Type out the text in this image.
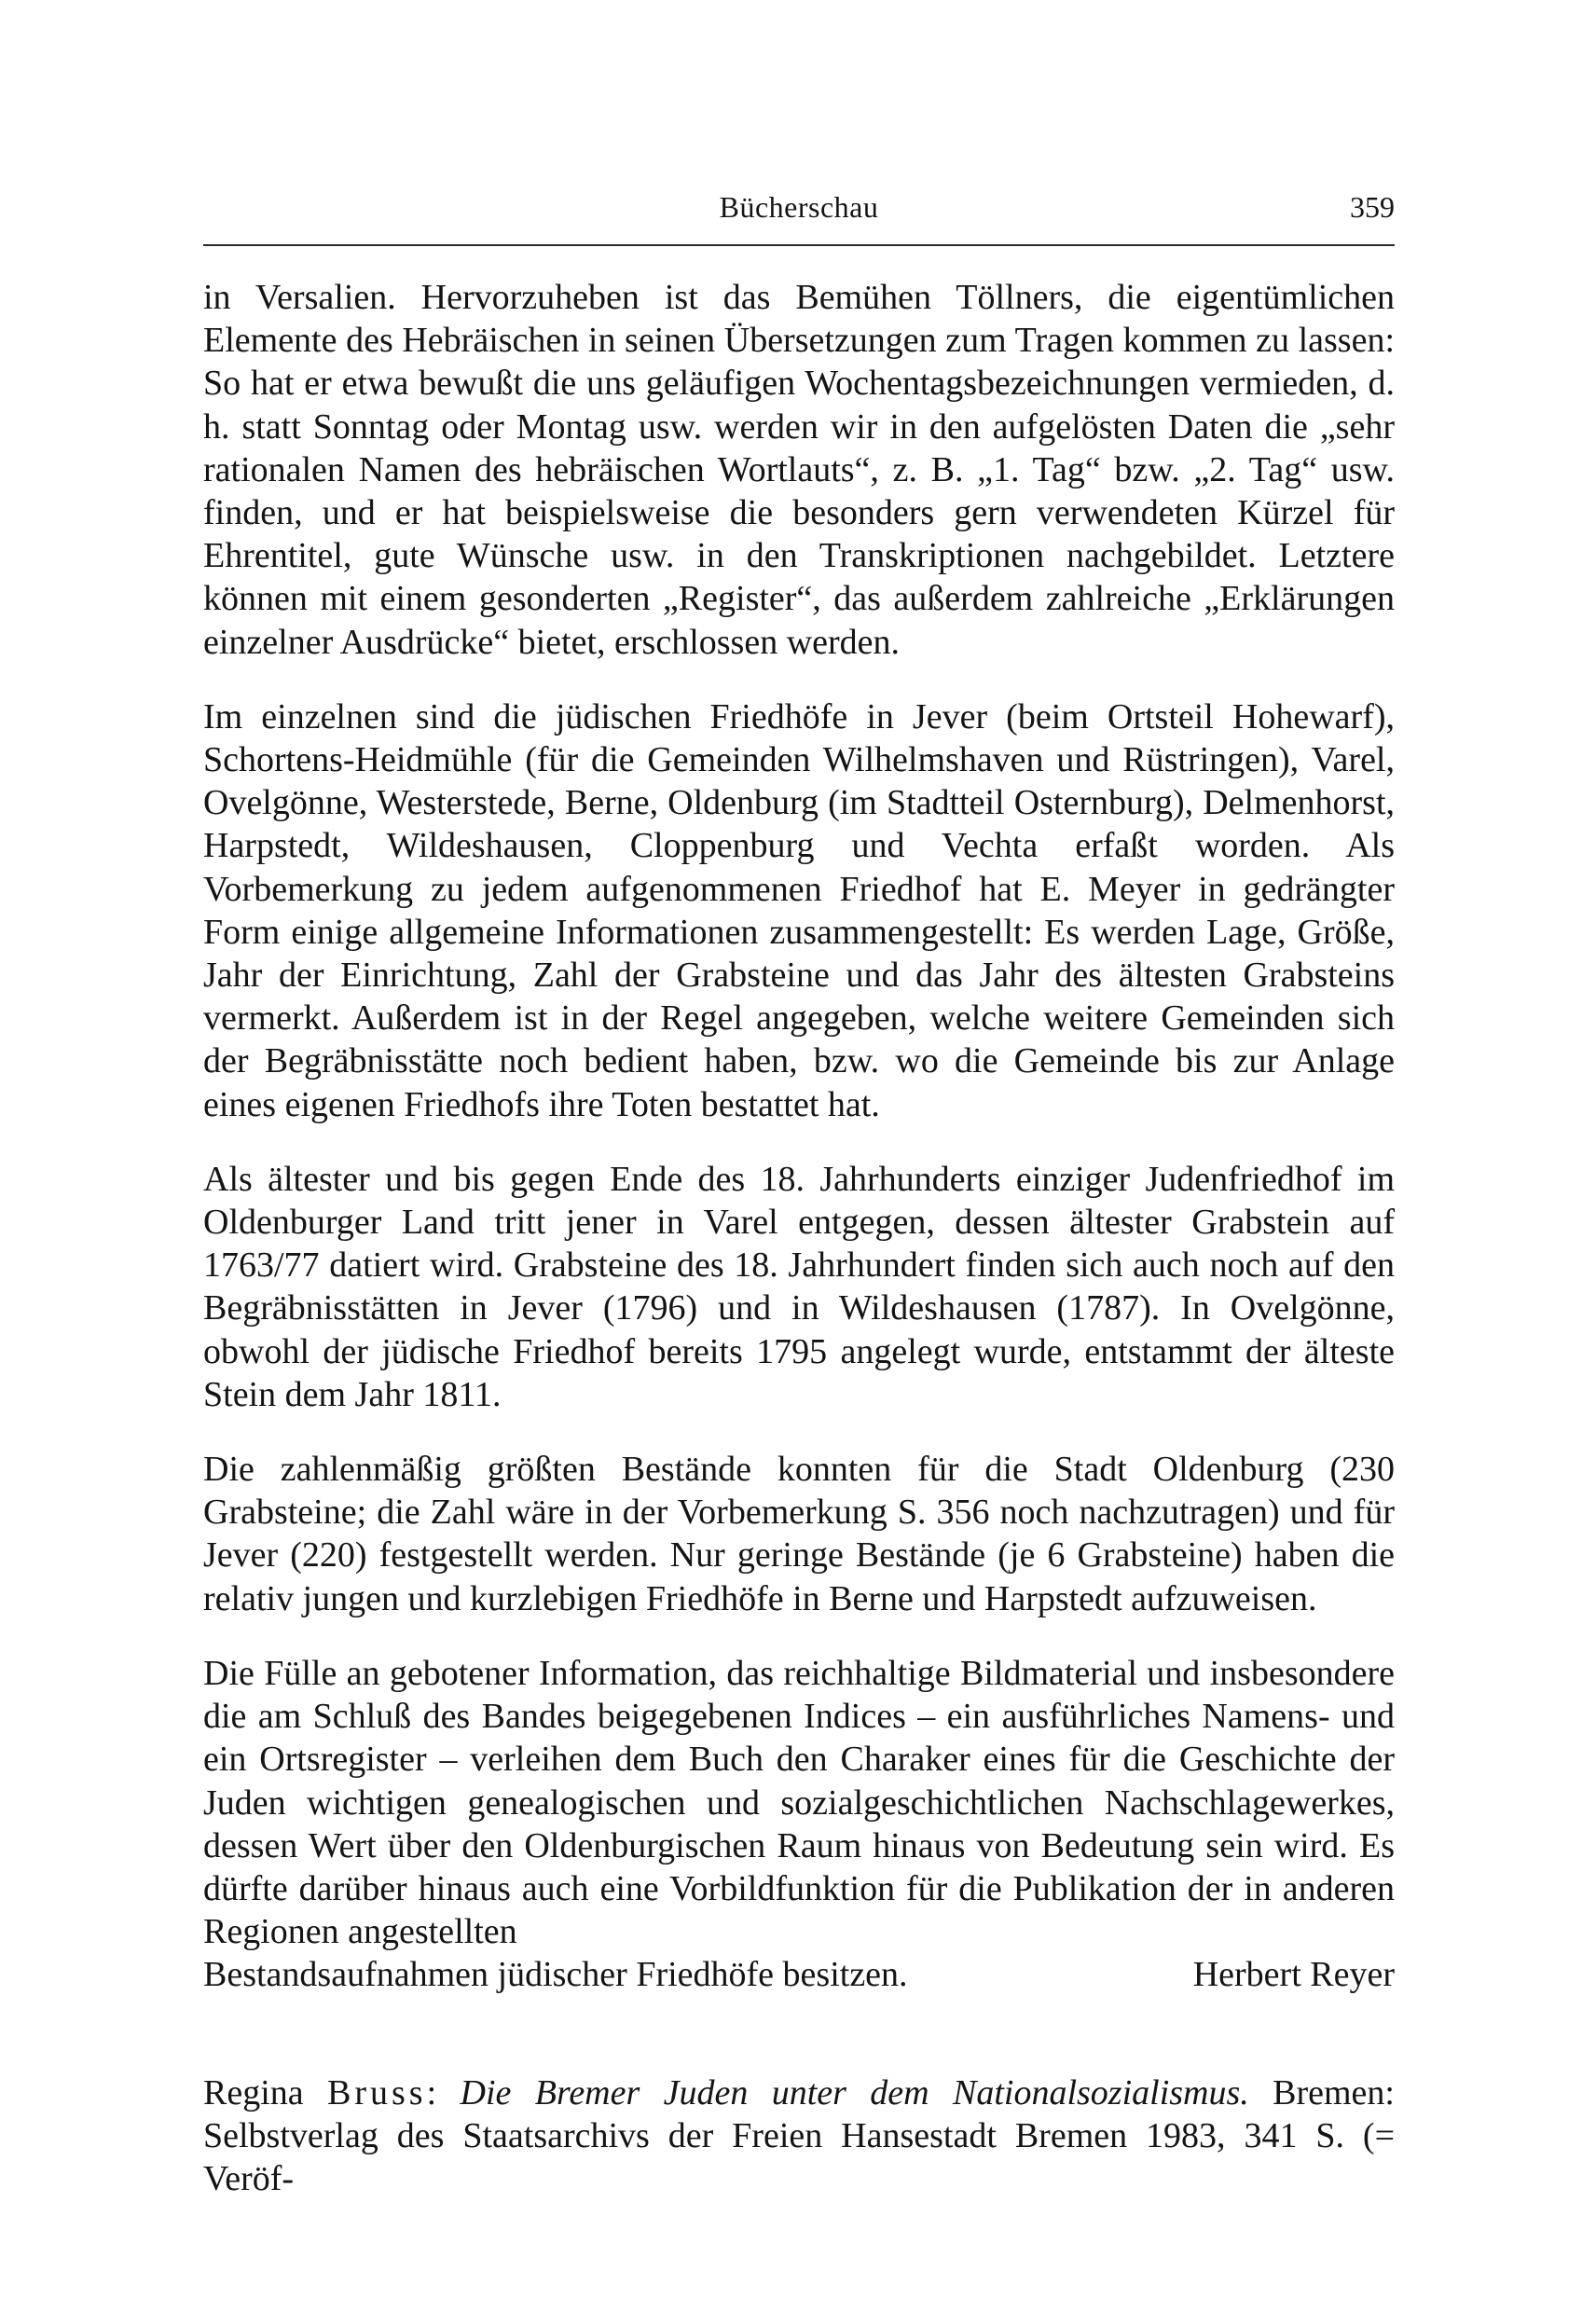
Bücherschau	359

in Versalien. Hervorzuheben ist das Bemühen Töllners, die eigentümlichen Elemente des Hebräischen in seinen Übersetzungen zum Tragen kommen zu lassen: So hat er etwa bewußt die uns geläufigen Wochentagsbezeichnungen vermieden, d. h. statt Sonntag oder Montag usw. werden wir in den aufgelösten Daten die „sehr rationalen Namen des hebräischen Wortlauts“, z. B. „1. Tag“ bzw. „2. Tag“ usw. finden, und er hat beispielsweise die besonders gern verwendeten Kürzel für Ehrentitel, gute Wünsche usw. in den Transkriptionen nachgebildet. Letztere können mit einem gesonderten „Register“, das außerdem zahlreiche „Erklärungen einzelner Ausdrücke“ bietet, erschlossen werden.

Im einzelnen sind die jüdischen Friedhöfe in Jever (beim Ortsteil Hohewarf), Schortens-Heidmühle (für die Gemeinden Wilhelmshaven und Rüstringen), Varel, Ovelgönne, Westerstede, Berne, Oldenburg (im Stadtteil Osternburg), Delmenhorst, Harpstedt, Wildeshausen, Cloppenburg und Vechta erfaßt worden. Als Vorbemerkung zu jedem aufgenommenen Friedhof hat E. Meyer in gedrängter Form einige allgemeine Informationen zusammengestellt: Es werden Lage, Größe, Jahr der Einrichtung, Zahl der Grabsteine und das Jahr des ältesten Grabsteins vermerkt. Außerdem ist in der Regel angegeben, welche weitere Gemeinden sich der Begräbnisstätte noch bedient haben, bzw. wo die Gemeinde bis zur Anlage eines eigenen Friedhofs ihre Toten bestattet hat.

Als ältester und bis gegen Ende des 18. Jahrhunderts einziger Judenfriedhof im Oldenburger Land tritt jener in Varel entgegen, dessen ältester Grabstein auf 1763/77 datiert wird. Grabsteine des 18. Jahrhundert finden sich auch noch auf den Begräbnisstätten in Jever (1796) und in Wildeshausen (1787). In Ovelgönne, obwohl der jüdische Friedhof bereits 1795 angelegt wurde, entstammt der älteste Stein dem Jahr 1811.

Die zahlenmäßig größten Bestände konnten für die Stadt Oldenburg (230 Grabsteine; die Zahl wäre in der Vorbemerkung S. 356 noch nachzutragen) und für Jever (220) festgestellt werden. Nur geringe Bestände (je 6 Grabsteine) haben die relativ jungen und kurzlebigen Friedhöfe in Berne und Harpstedt aufzuweisen.

Die Fülle an gebotener Information, das reichhaltige Bildmaterial und insbesondere die am Schluß des Bandes beigegebenen Indices – ein ausführliches Namens- und ein Ortsregister – verleihen dem Buch den Charaker eines für die Geschichte der Juden wichtigen genealogischen und sozialgeschichtlichen Nachschlagewerkes, dessen Wert über den Oldenburgischen Raum hinaus von Bedeutung sein wird. Es dürfte darüber hinaus auch eine Vorbildfunktion für die Publikation der in anderen Regionen angestellten

Bestandsaufnahmen jüdischer Friedhöfe besitzen.	Herbert Reyer

Regina Bruss: Die Bremer Juden unter dem Nationalsozialismus. Bremen: Selbstverlag des Staatsarchivs der Freien Hansestadt Bremen 1983, 341 S. (= Veröf-
